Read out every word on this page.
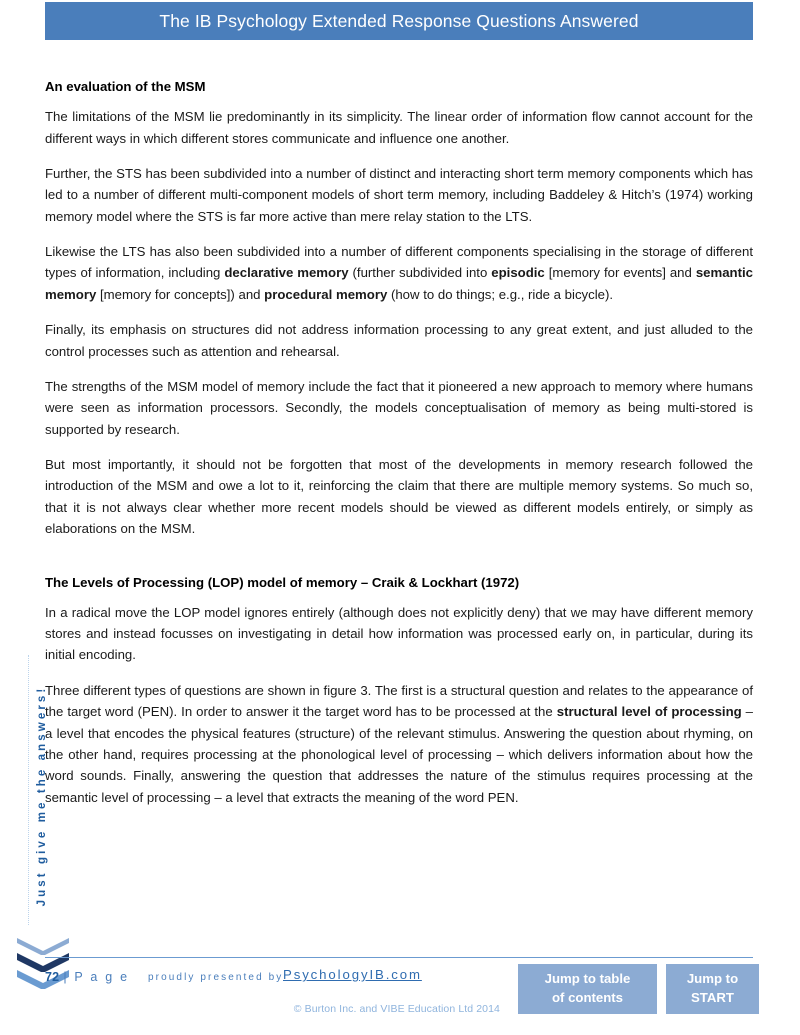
The IB Psychology Extended Response Questions Answered
Just give me the answers!
An evaluation of the MSM

The limitations of the MSM lie predominantly in its simplicity. The linear order of information flow cannot account for the different ways in which different stores communicate and influence one another.

Further, the STS has been subdivided into a number of distinct and interacting short term memory components which has led to a number of different multi-component models of short term memory, including Baddeley & Hitch’s (1974) working memory model where the STS is far more active than mere relay station to the LTS.

Likewise the LTS has also been subdivided into a number of different components specialising in the storage of different types of information, including declarative memory (further subdivided into episodic [memory for events] and semantic memory [memory for concepts]) and procedural memory (how to do things; e.g., ride a bicycle).

Finally, its emphasis on structures did not address information processing to any great extent, and just alluded to the control processes such as attention and rehearsal.

The strengths of the MSM model of memory include the fact that it pioneered a new approach to memory where humans were seen as information processors. Secondly, the models conceptualisation of memory as being multi-stored is supported by research.

But most importantly, it should not be forgotten that most of the developments in memory research followed the introduction of the MSM and owe a lot to it, reinforcing the claim that there are multiple memory systems. So much so, that it is not always clear whether more recent models should be viewed as different models entirely, or simply as elaborations on the MSM.

The Levels of Processing (LOP) model of memory – Craik & Lockhart (1972)

In a radical move the LOP model ignores entirely (although does not explicitly deny) that we may have different memory stores and instead focusses on investigating in detail how information was processed early on, in particular, during its initial encoding.

Three different types of questions are shown in figure 3. The first is a structural question and relates to the appearance of the target word (PEN). In order to answer it the target word has to be processed at the structural level of processing – a level that encodes the physical features (structure) of the relevant stimulus. Answering the question about rhyming, on the other hand, requires processing at the phonological level of processing – which delivers information about how the word sounds. Finally, answering the question that addresses the nature of the stimulus requires processing at the semantic level of processing – a level that extracts the meaning of the word PEN.

72 | P a g e proudly presented by PsychologyIB.com
© Burton Inc. and VIBE Education Ltd 2014
Jump to table
of contents
Jump to
START
